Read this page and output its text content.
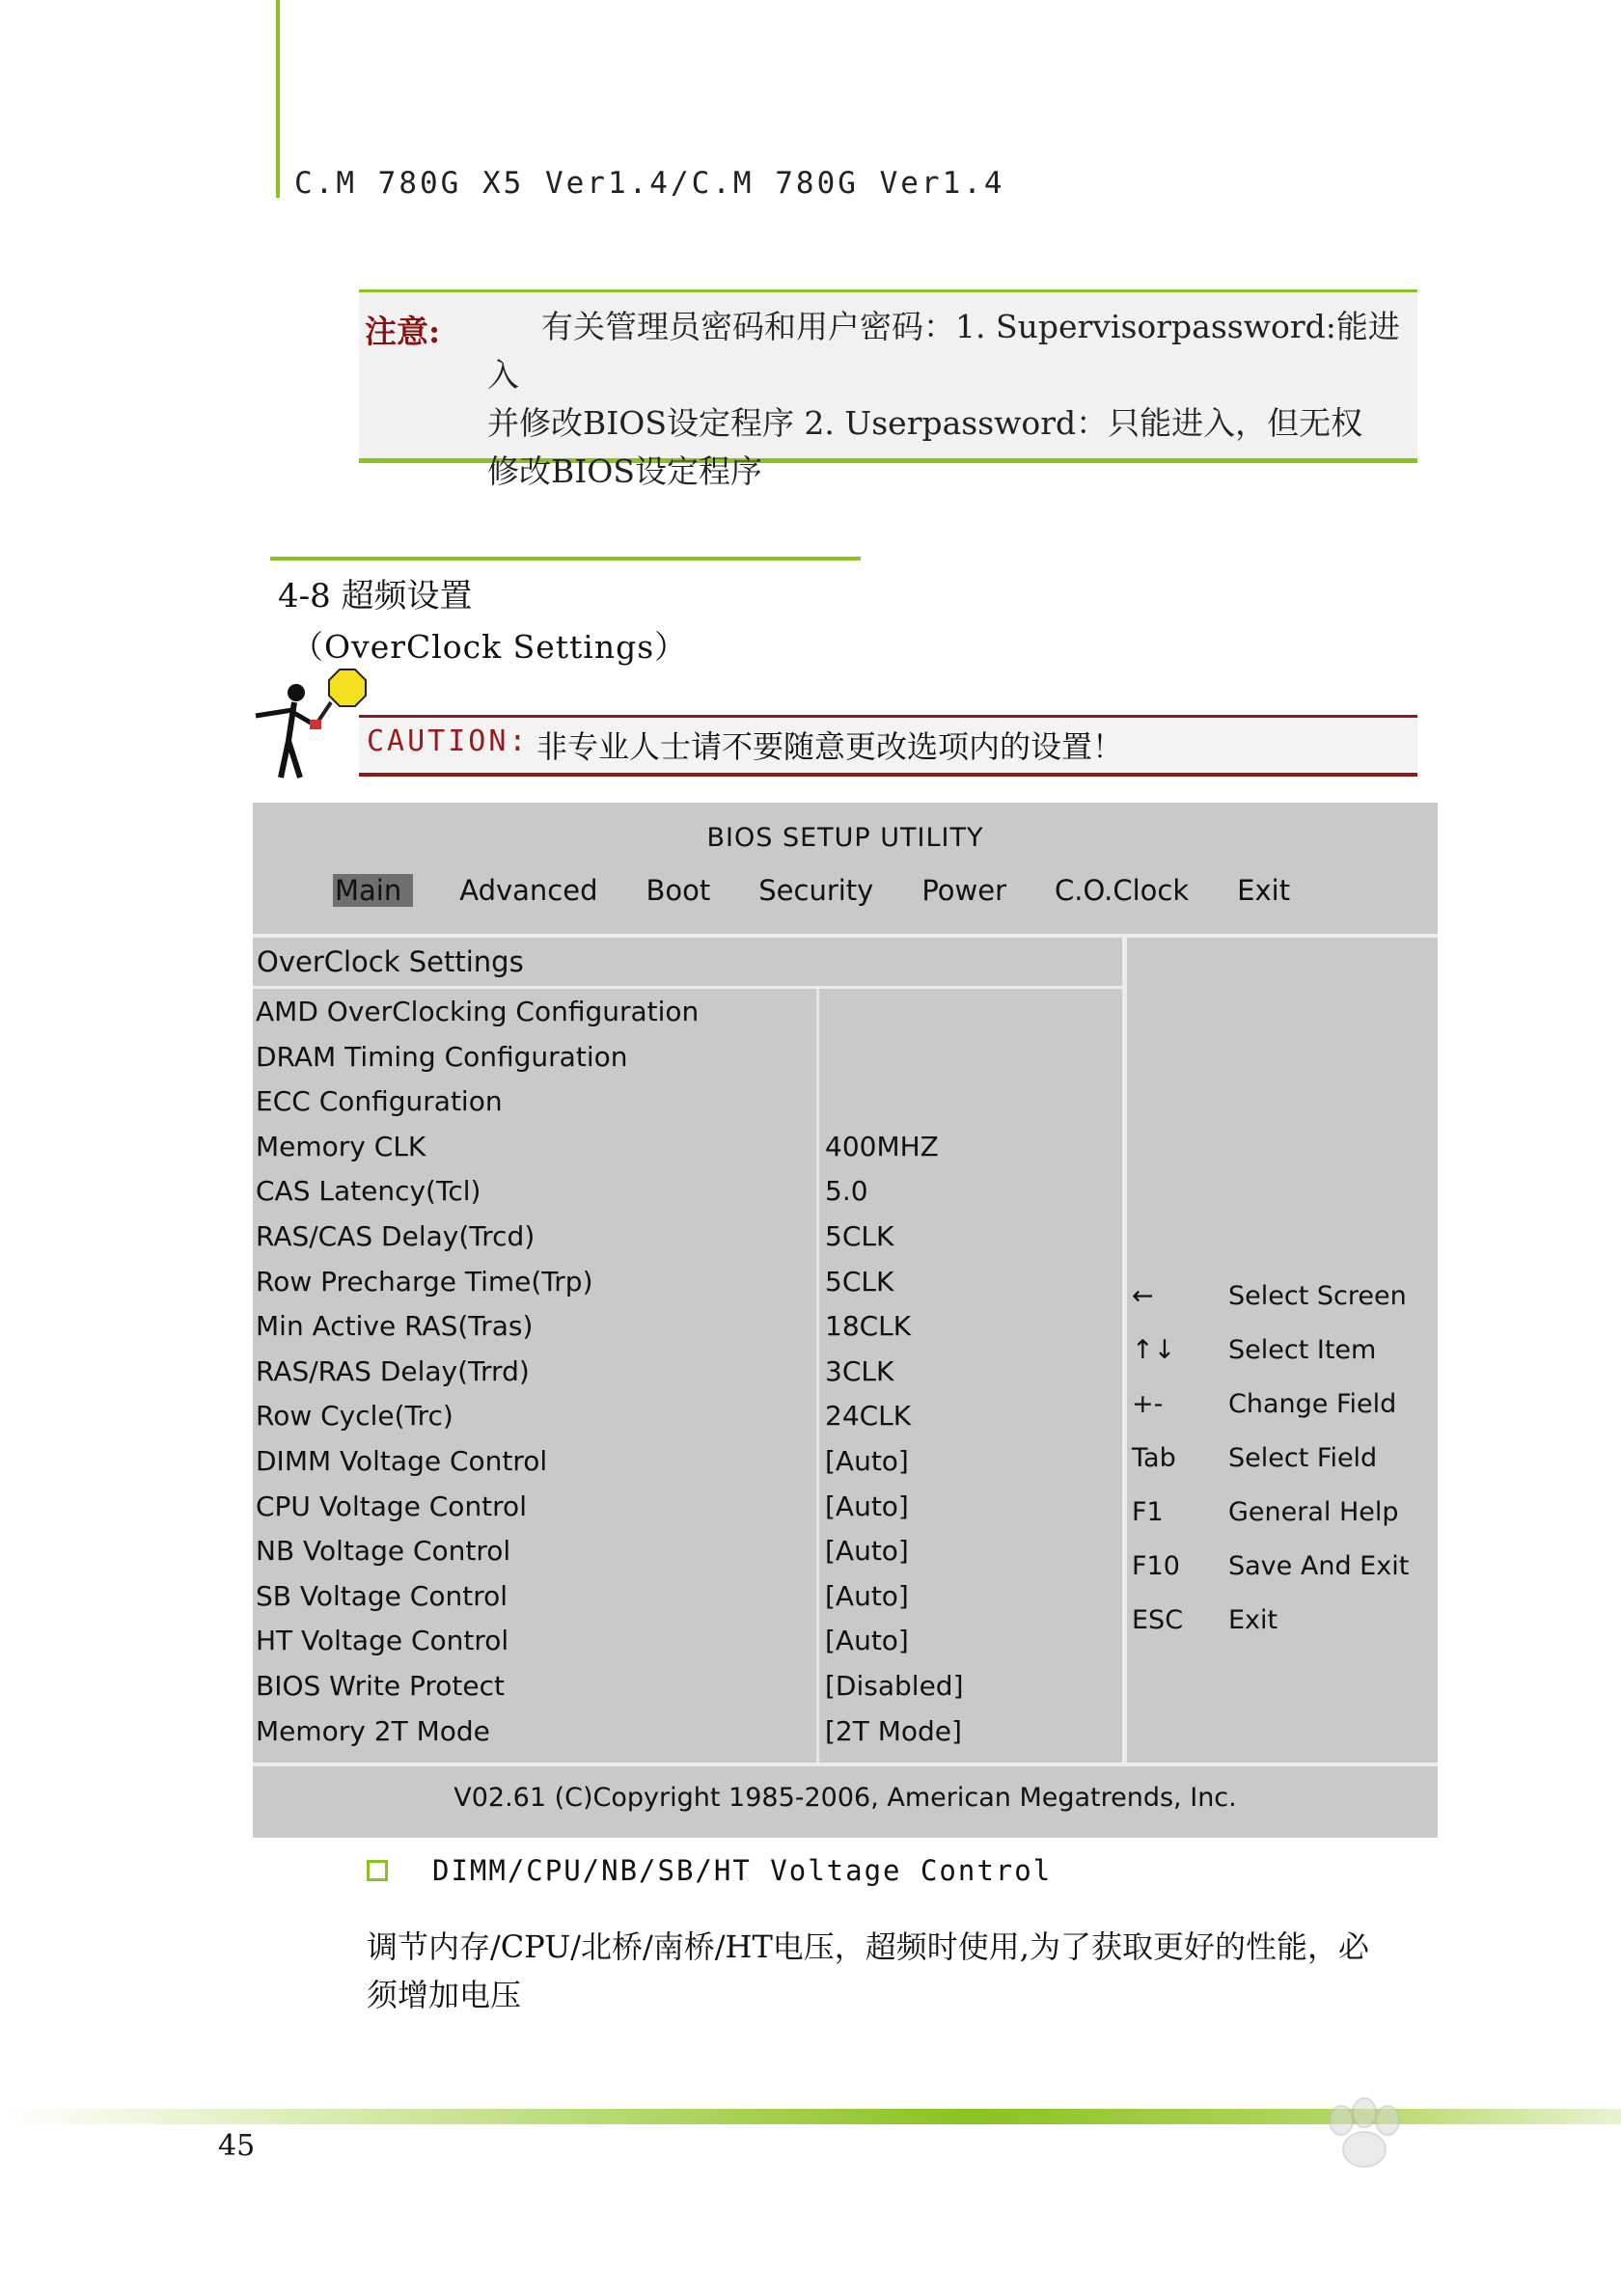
C.M 780G X5 Ver1.4/C.M 780G Ver1.4
注意:	有关管理员密码和用户密码：1. Supervisorpassword:能进入
并修改BIOS设定程序 2. Userpassword：只能进入，但无权
修改BIOS设定程序
4-8 超频设置
（OverClock Settings）
CAUTION: 非专业人士请不要随意更改选项内的设置！
BIOS SETUP UTILITY
Main	Advanced Boot Security Power C.O.Clock Exit
OverClock Settings
AMD OverClocking Configuration
DRAM Timing Configuration
ECC Configuration
Memory CLK	400MHZ
CAS Latency(Tcl)	5.0
RAS/CAS Delay(Trcd)	5CLK
Row Precharge Time(Trp)	5CLK
Min Active RAS(Tras)	18CLK
RAS/RAS Delay(Trrd)	3CLK
Row Cycle(Trc)	24CLK
DIMM Voltage Control	[Auto]
CPU Voltage Control	[Auto]
NB Voltage Control	[Auto]
SB Voltage Control	[Auto]
HT Voltage Control	[Auto]
BIOS Write Protect	[Disabled]
Memory 2T Mode	[2T Mode]
←	Select Screen
↑↓ Select Item
+-	Change Field
Tab Select Field
F1 General Help
F10 Save And Exit
ESC Exit
V02.61 (C)Copyright 1985-2006, American Megatrends, Inc.
DIMM/CPU/NB/SB/HT Voltage Control
调节内存/CPU/北桥/南桥/HT电压，超频时使用,为了获取更好的性能，必
须增加电压
45
